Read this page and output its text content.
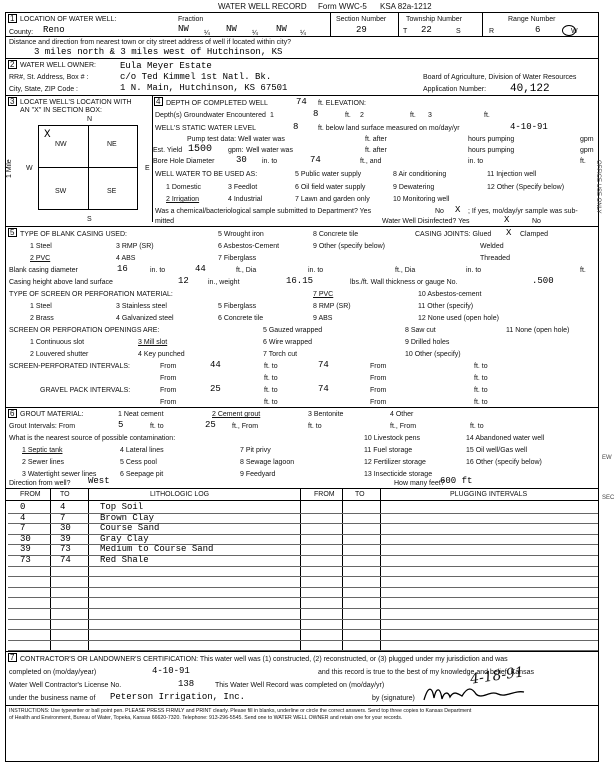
WATER WELL RECORD Form WWC-5 KSA 82a-1212
1 LOCATION OF WATER WELL:
County: Reno
Fraction
NW ¼ NW ¼ NW ¼
Section Number
29
Township Number
T 22	S
Range Number
R	6	W
Distance and direction from nearest town or city street address of well if located within city?
3 miles north & 3 miles west of Hutchinson, KS
2 WATER WELL OWNER:	Eula Meyer Estate
RR#, St. Address, Box # :	c/o Ted Kimmel 1st Natl. Bk.
City, State, ZIP Code :	1 N. Main, Hutchinson, KS 67501
Board of Agriculture, Division of Water Resources
Application Number: 40,122
3 LOCATE WELL'S LOCATION WITH
AN "X" IN SECTION BOX:
N
S
W	E
1 Mile
NW	NE
SW	SE
X
4 DEPTH OF COMPLETED WELL	74 ft. ELEVATION:
Depth(s) Groundwater Encountered 1	8	ft. 2	ft. 3	ft.
WELL'S STATIC WATER LEVEL	8	ft. below land surface measured on mo/day/yr	4-10-91
Pump test data: Well water was	ft. after	hours pumping	gpm
Est. Yield 1500 gpm: Well water was	ft. after	hours pumping	gpm
Bore Hole Diameter 30 in. to	74	ft., and	in. to	ft.
WELL WATER TO BE USED AS:
1 Domestic
2 Irrigation
3 Feedlot
4 Industrial
5 Public water supply
6 Oil field water supply
7 Lawn and garden only
8 Air conditioning
9 Dewatering
10 Monitoring well
11 Injection well
12 Other (Specify below)
Was a chemical/bacteriological sample submitted to Department? Yes	No X ; If yes, mo/day/yr sample was sub-
mitted	Water Well Disinfected? Yes	X	No
5 TYPE OF BLANK CASING USED:
1 Steel
2 PVC
3 RMP (SR)
4 ABS
5 Wrought iron
6 Asbestos-Cement
7 Fiberglass
8 Concrete tile
9 Other (specify below)
CASING JOINTS: Glued X Clamped
Welded
Threaded
Blank casing diameter	16	in. to	44	ft., Dia	in. to	ft., Dia	in. to	ft.
Casing height above land surface	12	in., weight	16.15	lbs./ft. Wall thickness or gauge No.	.500
TYPE OF SCREEN OR PERFORATION MATERIAL:
1 Steel
2 Brass
3 Stainless steel
4 Galvanized steel
5 Fiberglass
6 Concrete tile
7 PVC
8 RMP (SR)
9 ABS
10 Asbestos-cement
11 Other (specify)
12 None used (open hole)
SCREEN OR PERFORATION OPENINGS ARE:
1 Continuous slot
2 Louvered shutter
3 Mill slot
4 Key punched
5 Gauzed wrapped
6 Wire wrapped
7 Torch cut
8 Saw cut
9 Drilled holes
10 Other (specify)
11 None (open hole)
SCREEN-PERFORATED INTERVALS:	From	44	ft. to	74	From	ft. to
From	ft. to	From	ft. to
GRAVEL PACK INTERVALS:	From	25	ft. to	74	From	ft. to
From	ft. to	From	ft. to
6 GROUT MATERIAL:	1 Neat cement	2 Cement grout	3 Bentonite	4 Other
Grout Intervals: From	5	ft. to	25 ft., From	ft. to	ft., From	ft. to
What is the nearest source of possible contamination:
1 Septic tank
2 Sewer lines
3 Watertight sewer lines
4 Lateral lines
5 Cess pool
6 Seepage pit
7 Pit privy
8 Sewage lagoon
9 Feedyard
10 Livestock pens
11 Fuel storage
12 Fertilizer storage
13 Insecticide storage
14 Abandoned water well
15 Oil well/Gas well
16 Other (specify below)
Direction from well? West	How many feet?
600 ft
FROM	TO	LITHOLOGIC LOG	FROM	TO	PLUGGING INTERVALS
0	4	Top Soil
4	7	Brown Clay
7	30	Course Sand
30	39	Gray Clay
39	73	Medium to Course Sand
73	74	Red Shale
7 CONTRACTOR'S OR LANDOWNER'S CERTIFICATION: This water well was (1) constructed, (2) reconstructed, or (3) plugged under my jurisdiction and was
completed on (mo/day/year)	4-10-91	and this record is true to the best of my knowledge and belief. Kansas
Water Well Contractor's License No.	138	This Water Well Record was completed on (mo/day/yr)	4-18-91
under the business name of Peterson Irrigation, Inc.	by (signature)
INSTRUCTIONS: Use typewriter or ball point pen. PLEASE PRESS FIRMLY and PRINT clearly. Please fill in blanks, underline or circle the correct answers. Send top three copies to Kansas Department
of Health and Environment, Bureau of Water, Topeka, Kansas 66620-7320. Telephone: 913-296-5545. Send one to WATER WELL OWNER and retain one for your records.
OFFICE USE ONLY
EW
SEC
